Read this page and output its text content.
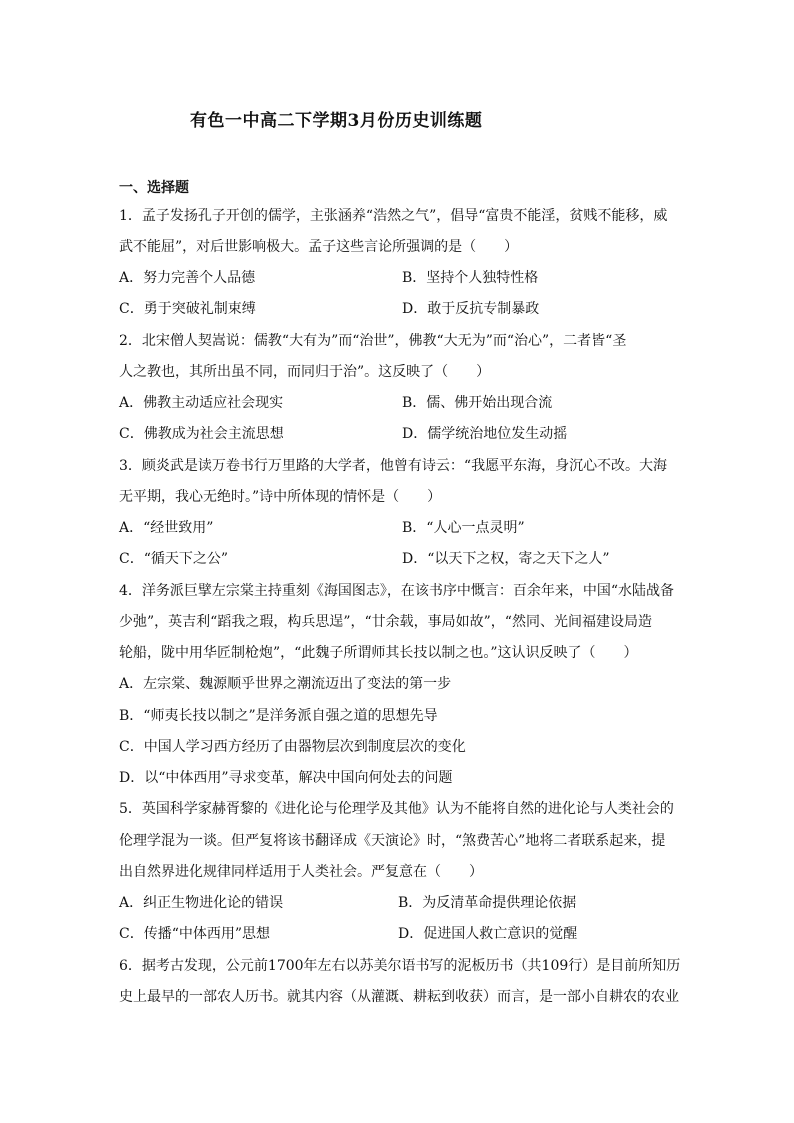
有色一中高二下学期3月份历史训练题
一、选择题
1．孟子发扬孔子开创的儒学，主张涵养“浩然之气”，倡导“富贵不能淫，贫贱不能移，威
武不能屈”，对后世影响极大。孟子这些言论所强调的是（　　）
A．努力完善个人品德	B．坚持个人独特性格
C．勇于突破礼制束缚	D．敢于反抗专制暴政
2．北宋僧人契嵩说：儒教“大有为”而“治世”，佛教“大无为”而“治心”，二者皆“圣
人之教也，其所出虽不同，而同归于治”。这反映了（　　）
A．佛教主动适应社会现实	B．儒、佛开始出现合流
C．佛教成为社会主流思想	D．儒学统治地位发生动摇
3．顾炎武是读万卷书行万里路的大学者，他曾有诗云：“我愿平东海，身沉心不改。大海
无平期，我心无绝时。”诗中所体现的情怀是（　　）
A．“经世致用”	B．“人心一点灵明”
C．“循天下之公”	D．“以天下之权，寄之天下之人”
4．洋务派巨擘左宗棠主持重刻《海国图志》，在该书序中慨言：百余年来，中国“水陆战备
少弛”，英吉利“蹈我之瑕，构兵思逞”，“廿余载，事局如故”，“然同、光间福建设局造
轮船，陇中用华匠制枪炮”，“此魏子所谓师其长技以制之也。”这认识反映了（　　）
A．左宗棠、魏源顺乎世界之潮流迈出了变法的第一步
B．“师夷长技以制之”是洋务派自强之道的思想先导
C．中国人学习西方经历了由器物层次到制度层次的变化
D．以“中体西用”寻求变革，解决中国向何处去的问题
5．英国科学家赫胥黎的《进化论与伦理学及其他》认为不能将自然的进化论与人类社会的
伦理学混为一谈。但严复将该书翻译成《天演论》时，“煞费苦心”地将二者联系起来，提
出自然界进化规律同样适用于人类社会。严复意在（　　）
A．纠正生物进化论的错误	B．为反清革命提供理论依据
C．传播“中体西用”思想	D．促进国人救亡意识的觉醒
6．据考古发现，公元前1700年左右以苏美尔语书写的泥板历书（共109行）是目前所知历
史上最早的一部农人历书。就其内容（从灌溉、耕耘到收获）而言，是一部小自耕农的农业
